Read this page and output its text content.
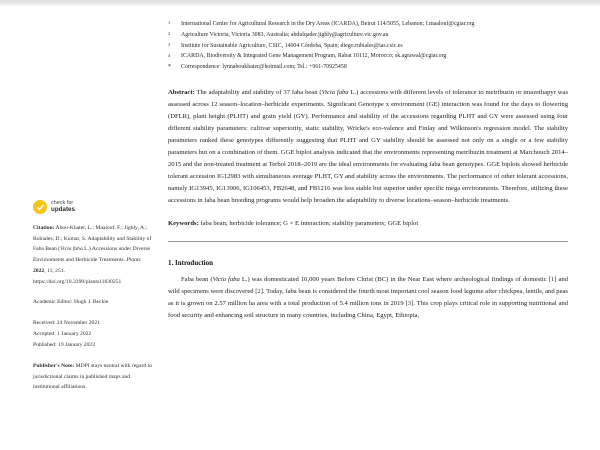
check for
updates
Citation: Abou-Khater, L.; Maalouf, F.; Jighly, A.; Rubiales, D.; Kumar, S. Adaptability and Stability of Faba Bean (Vicia faba L.) Accessions under Diverse Environments and Herbicide Treatments. Plants 2022, 11, 251.
https://doi.org/10.3390/plants11030251
Academic Editor: Hugh J. Beckie
Received: 24 November 2021
Accepted: 1 January 2022
Published: 19 January 2022
Publisher's Note: MDPI stays neutral with regard to jurisdictional claims in published maps and institutional affiliations.
1	International Center for Agricultural Research in the Dry Areas (ICARDA), Beirut 114/5055, Lebanon; f.maalouf@cgiar.org
2	Agriculture Victoria, Victoria 3083, Australia; abdulqader.jighly@agriculture.vic.gov.au
3	Institute for Sustainable Agriculture, CSIC, 14004 Córdoba, Spain; diego.rubiales@ias.csic.es
4	ICARDA, Biodiversity & Integrated Gene Management Program, Rabat 10112, Morocco; sk.agrawal@cgiar.org
*	Correspondence: lynnaboukhater@hotmail.com; Tel.: +961-70925458
Abstract: The adaptability and stability of 37 faba bean (Vicia faba L.) accessions with different levels of tolerance to metribuzin or imazethapyr was assessed across 12 season–location–herbicide experiments. Significant Genotype x environment (GE) interaction was found for the days to flowering (DFLR), plant height (PLHT) and grain yield (GY). Performance and stability of the accessions regarding PLHT and GY were assessed using four different stability parameters: cultivar superiority, static stability, Wricke's eco-valence and Finlay and Wilkinson's regression model. The stability parameters ranked these genotypes differently suggesting that PLHT and GY stability should be assessed not only on a single or a few stability parameters but on a combination of them. GGE biplot analysis indicated that the environments representing metribuzin treatment at Marchouch 2014–2015 and the non-treated treatment at Terbol 2018–2019 are the ideal environments for evaluating faba bean genotypes. GGE biplots showed herbicide tolerant accession IG12983 with simultaneous average PLHT, GY and stability across the environments. The performance of other tolerant accessions, namely IG13945, IG13906, IG106453, FB2648, and FB1216 was less stable but superior under specific mega environments. Therefore, utilizing these accessions in faba bean breeding programs would help broaden the adaptability to diverse locations–season–herbicide treatments.
Keywords: faba bean; herbicide tolerance; G × E interaction; stability parameters; GGE biplot
1. Introduction
Faba bean (Vicia faba L.) was domesticated 10,000 years Before Christ (BC) in the Near East where archeological findings of domestic [1] and wild specimens were discovered [2]. Today, faba bean is considered the fourth most important cool season food legume after chickpea, lentils, and peas as it is grown on 2.57 million ha area with a total production of 5.4 million tons in 2019 [3]. This crop plays critical role in supporting nutritional and food security and enhancing soil structure in many countries, including China, Egypt, Ethiopia,
